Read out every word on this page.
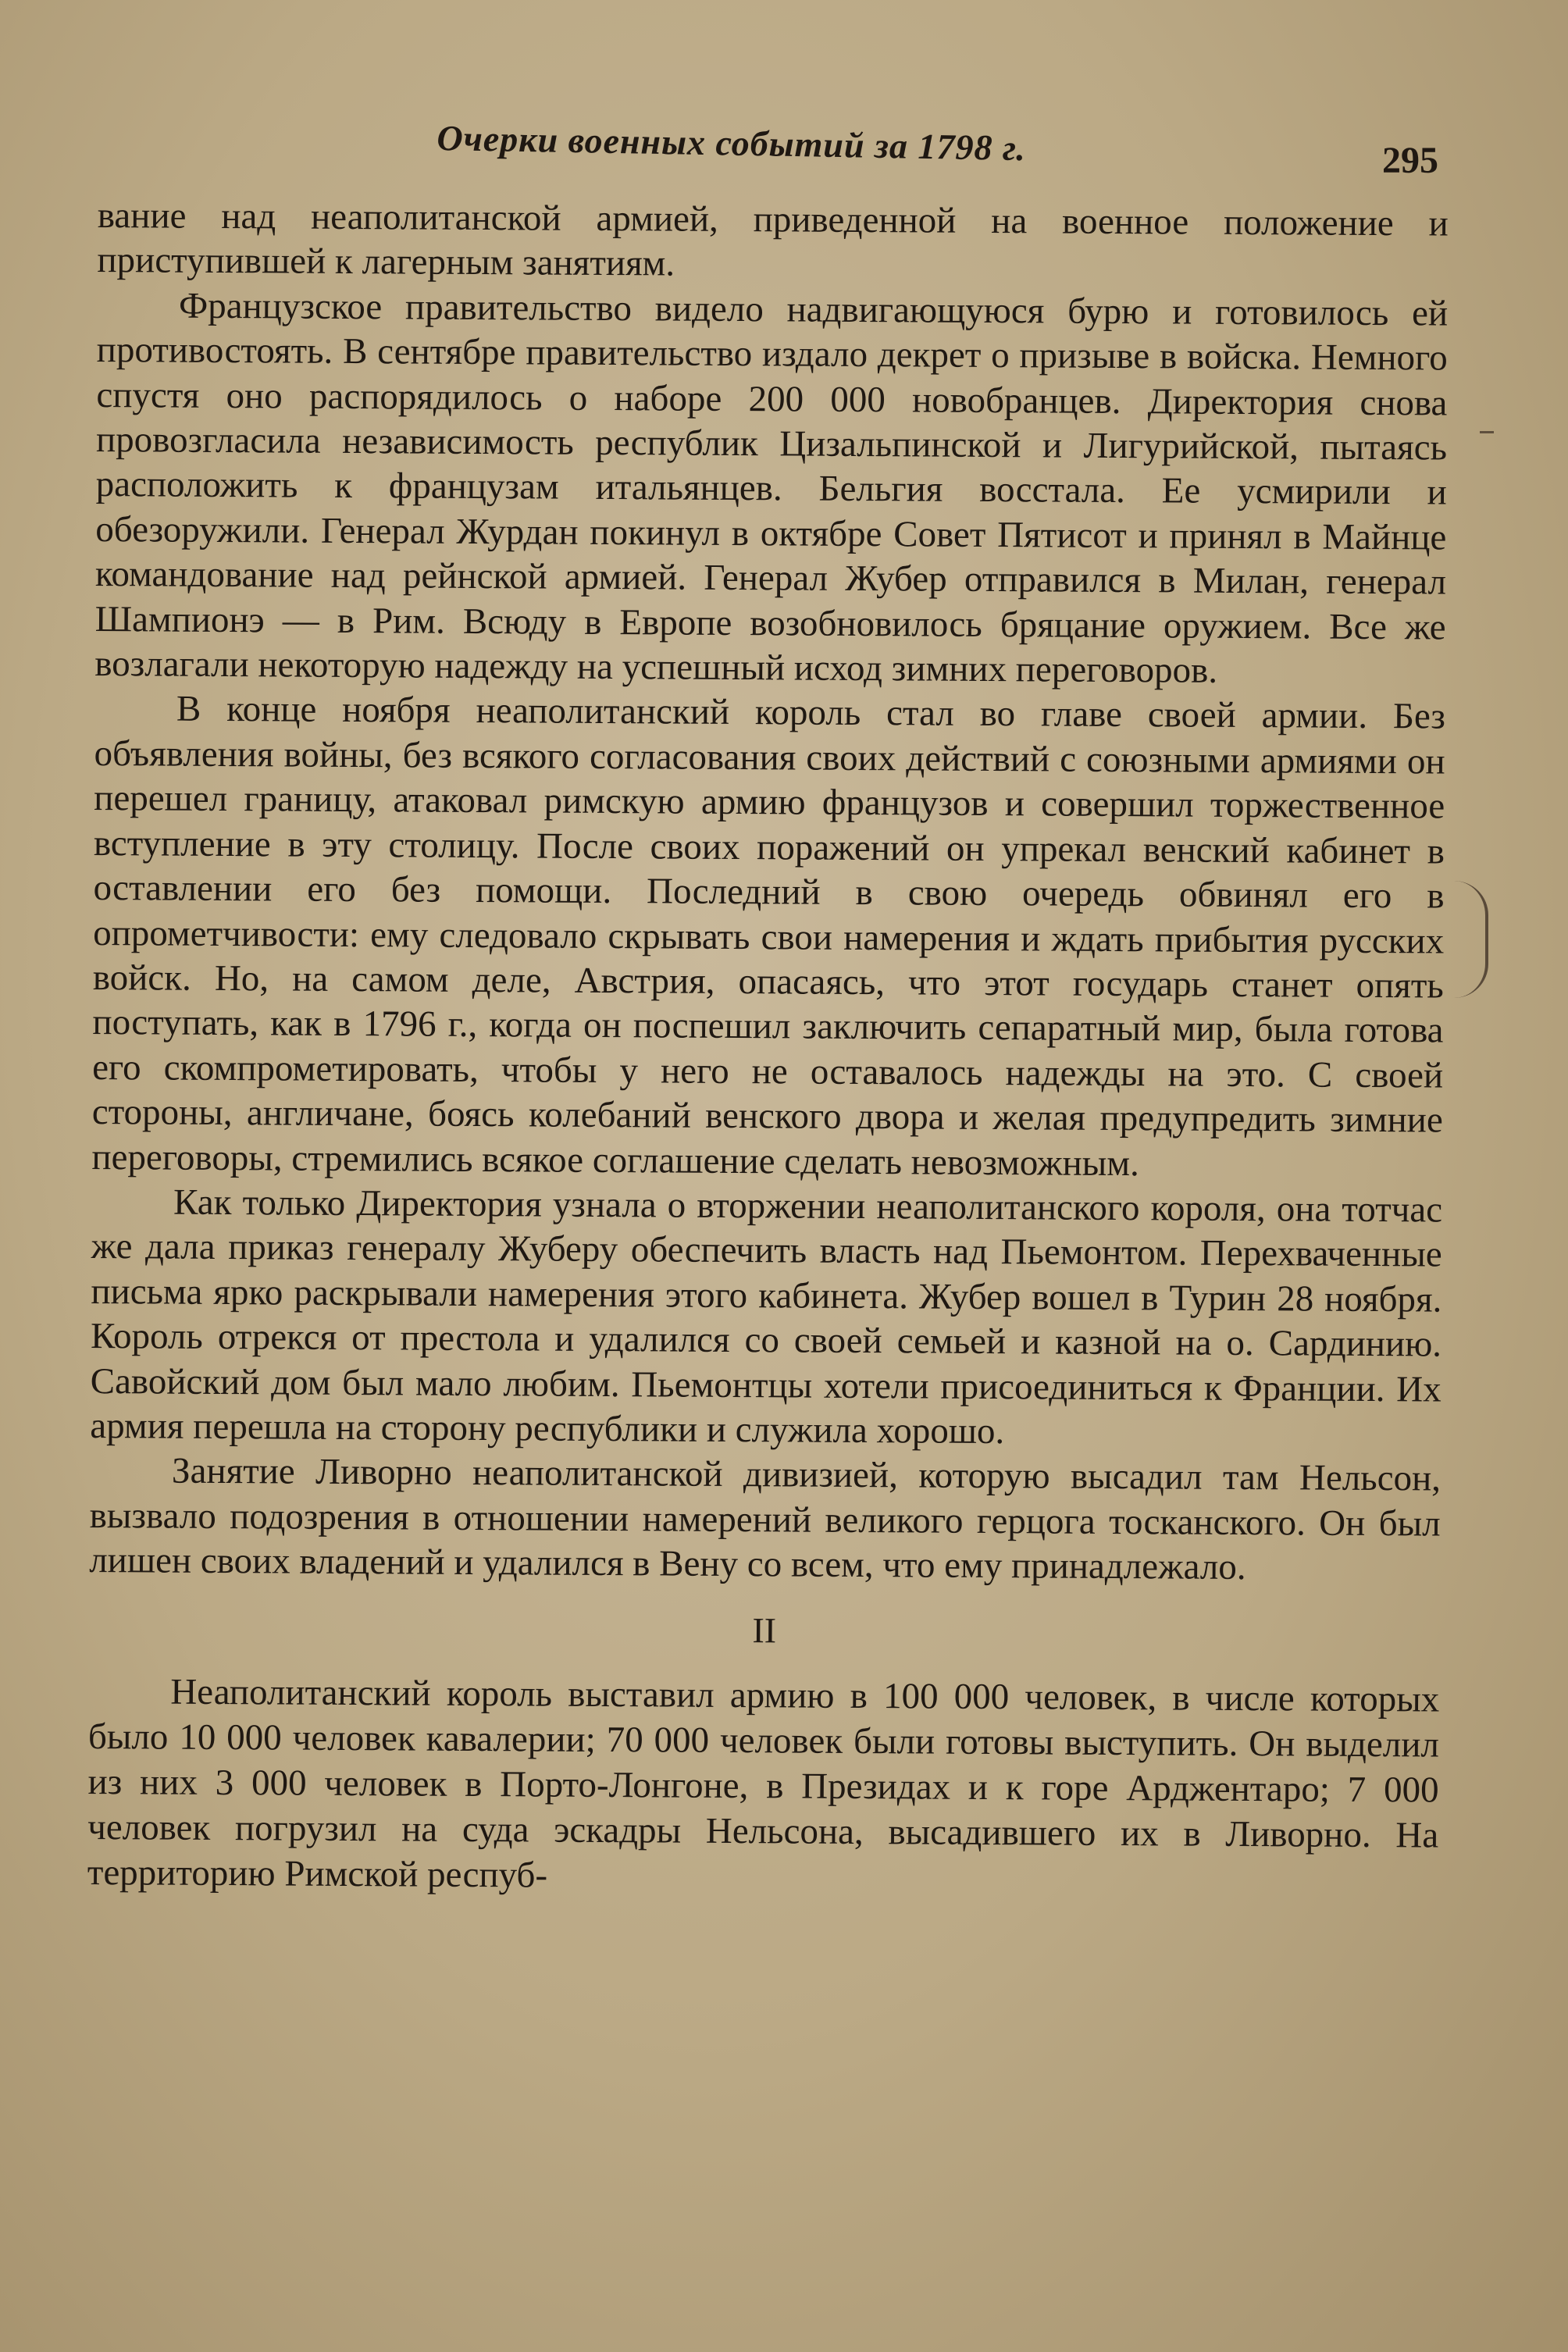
Очерки военных событий за 1798 г.	295

вание над неаполитанской армией, приведенной на военное положение и приступившей к лагерным занятиям.

Французское правительство видело надвигающуюся бурю и готовилось ей противостоять. В сентябре правительство издало декрет о призыве в войска. Немного спустя оно распорядилось о наборе 200 000 новобранцев. Директория снова провозгласила независимость республик Цизальпинской и Лигурийской, пытаясь расположить к французам итальянцев. Бельгия восстала. Ее усмирили и обезоружили. Генерал Журдан покинул в октябре Совет Пятисот и принял в Майнце командование над рейнской армией. Генерал Жубер отправился в Милан, генерал Шампионэ — в Рим. Всюду в Европе возобновилось бряцание оружием. Все же возлагали некоторую надежду на успешный исход зимних переговоров.

В конце ноября неаполитанский король стал во главе своей армии. Без объявления войны, без всякого согласования своих действий с союзными армиями он перешел границу, атаковал римскую армию французов и совершил торжественное вступление в эту столицу. После своих поражений он упрекал венский кабинет в оставлении его без помощи. Последний в свою очередь обвинял его в опрометчивости: ему следовало скрывать свои намерения и ждать прибытия русских войск. Но, на самом деле, Австрия, опасаясь, что этот государь станет опять поступать, как в 1796 г., когда он поспешил заключить сепаратный мир, была готова его скомпрометировать, чтобы у него не оставалось надежды на это. С своей стороны, англичане, боясь колебаний венского двора и желая предупредить зимние переговоры, стремились всякое соглашение сделать невозможным.

Как только Директория узнала о вторжении неаполитанского короля, она тотчас же дала приказ генералу Жуберу обеспечить власть над Пьемонтом. Перехваченные письма ярко раскрывали намерения этого кабинета. Жубер вошел в Турин 28 ноября. Король отрекся от престола и удалился со своей семьей и казной на о. Сардинию. Савойский дом был мало любим. Пьемонтцы хотели присоединиться к Франции. Их армия перешла на сторону республики и служила хорошо.

Занятие Ливорно неаполитанской дивизией, которую высадил там Нельсон, вызвало подозрения в отношении намерений великого герцога тосканского. Он был лишен своих владений и удалился в Вену со всем, что ему принадлежало.

II

Неаполитанский король выставил армию в 100 000 человек, в числе которых было 10 000 человек кавалерии; 70 000 человек были готовы выступить. Он выделил из них 3 000 человек в Порто-Лонгоне, в Президах и к горе Арджентаро; 7 000 человек погрузил на суда эскадры Нельсона, высадившего их в Ливорно. На территорию Римской респуб-
